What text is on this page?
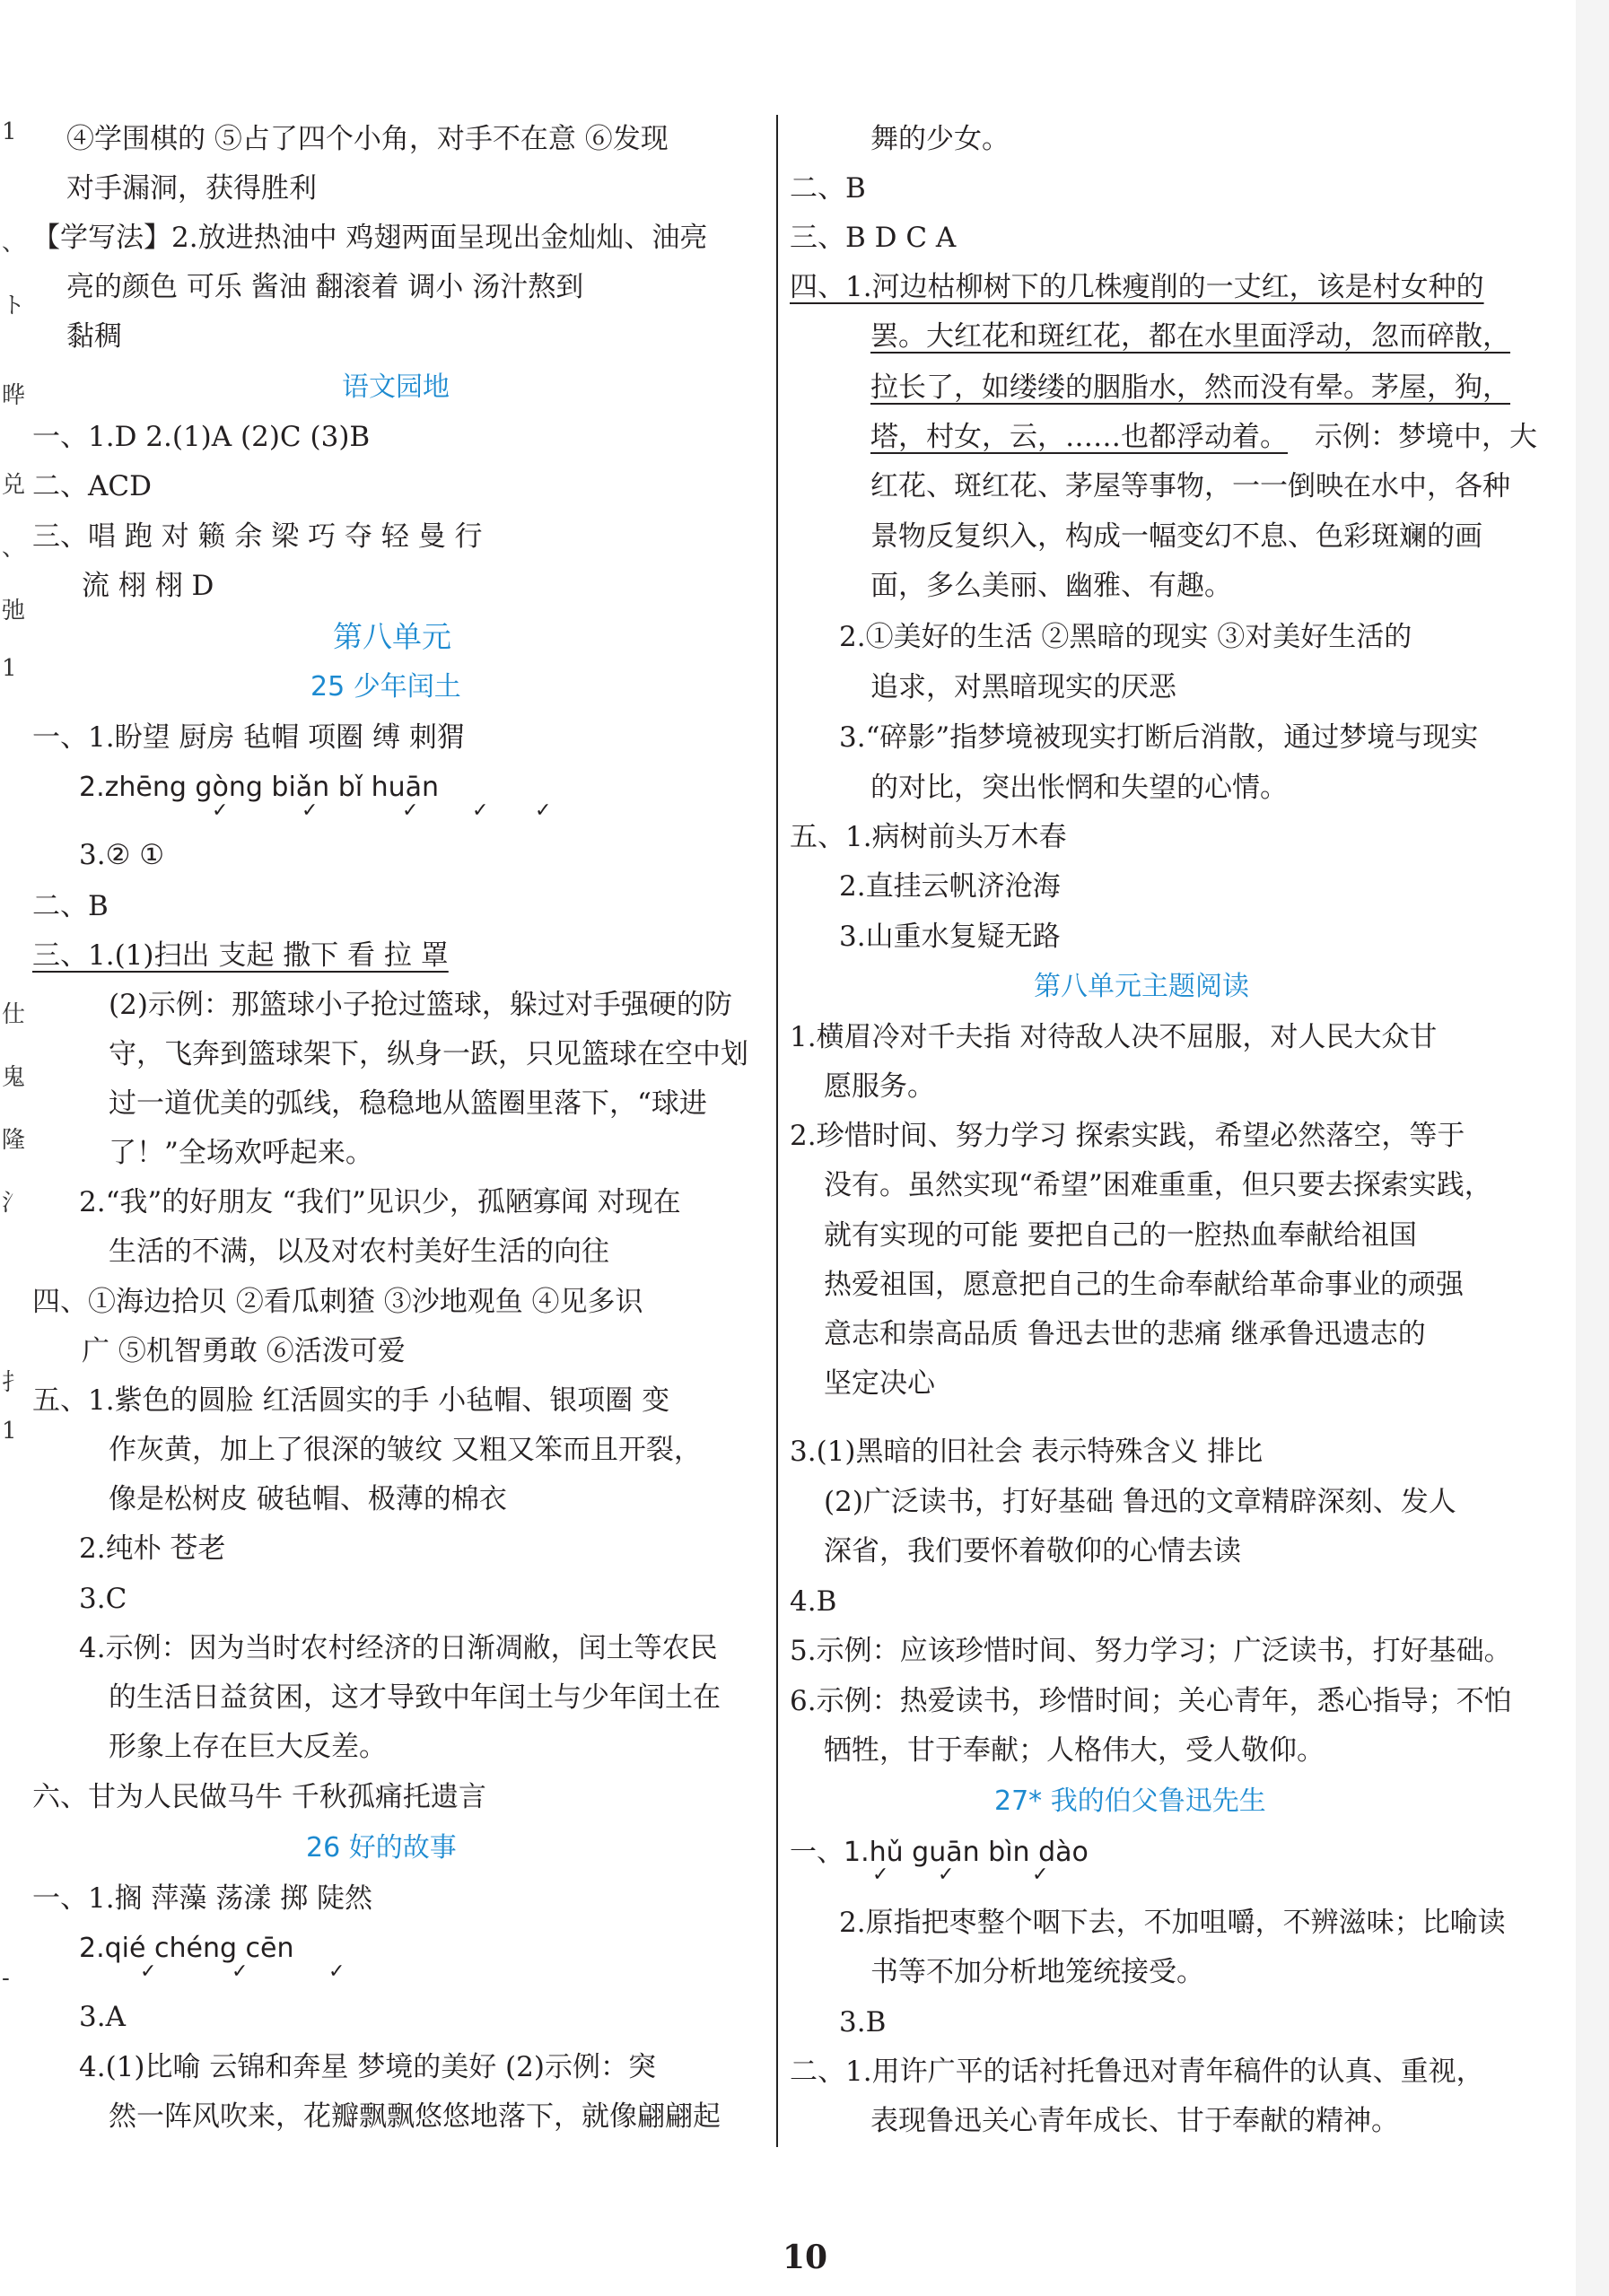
1
、
ト
晔
兑
、
弛
1
仕
鬼
隆
氵
扌
1
-
④学围棋的 ⑤占了四个小角，对手不在意 ⑥发现
对手漏洞，获得胜利
【学写法】2.放进热油中 鸡翅两面呈现出金灿灿、油亮
亮的颜色 可乐 酱油 翻滚着 调小 汤汁熬到
黏稠
语文园地
一、1.D 2.(1)A (2)C (3)B
二、ACD
三、唱 跑 对 籁 余 梁 巧 夺 轻 曼 行
流 栩 栩 D
第八单元
25 少年闰土
一、1.盼望 厨房 毡帽 项圈 缚 刺猬
2.zhēng gòng biǎn bǐ huān
✓	✓	✓	✓ ✓
3.② ①
二、B
三、1.(1)扫出 支起 撒下 看 拉 罩
(2)示例：那篮球小子抢过篮球，躲过对手强硬的防
守，飞奔到篮球架下，纵身一跃，只见篮球在空中划
过一道优美的弧线，稳稳地从篮圈里落下，“球进
了！”全场欢呼起来。
2.“我”的好朋友 “我们”见识少，孤陋寡闻 对现在
生活的不满，以及对农村美好生活的向往
四、①海边拾贝 ②看瓜刺猹 ③沙地观鱼 ④见多识
广 ⑤机智勇敢 ⑥活泼可爱
五、1.紫色的圆脸 红活圆实的手 小毡帽、银项圈 变
作灰黄，加上了很深的皱纹 又粗又笨而且开裂，
像是松树皮 破毡帽、极薄的棉衣
2.纯朴 苍老
3.C
4.示例：因为当时农村经济的日渐凋敝，闰土等农民
的生活日益贫困，这才导致中年闰土与少年闰土在
形象上存在巨大反差。
六、甘为人民做马牛 千秋孤痛托遗言
26 好的故事
一、1.搁 萍藻 荡漾 掷 陡然
2.qié chéng cēn
✓	✓	✓
3.A
4.(1)比喻 云锦和奔星 梦境的美好 (2)示例：突
然一阵风吹来，花瓣飘飘悠悠地落下，就像翩翩起
舞的少女。
二、B
三、B D C A
四、1.河边枯柳树下的几株瘦削的一丈红，该是村女种的
罢。大红花和斑红花，都在水里面浮动，忽而碎散，
拉长了，如缕缕的胭脂水，然而没有晕。茅屋，狗，
塔，村女，云，……也都浮动着。 示例：梦境中，大
红花、斑红花、茅屋等事物，一一倒映在水中，各种
景物反复织入，构成一幅变幻不息、色彩斑斓的画
面，多么美丽、幽雅、有趣。
2.①美好的生活 ②黑暗的现实 ③对美好生活的
追求，对黑暗现实的厌恶
3.“碎影”指梦境被现实打断后消散，通过梦境与现实
的对比，突出怅惘和失望的心情。
五、1.病树前头万木春
2.直挂云帆济沧海
3.山重水复疑无路
第八单元主题阅读
1.横眉冷对千夫指 对待敌人决不屈服，对人民大众甘
愿服务。
2.珍惜时间、努力学习 探索实践，希望必然落空，等于
没有。虽然实现“希望”困难重重，但只要去探索实践，
就有实现的可能 要把自己的一腔热血奉献给祖国
热爱祖国，愿意把自己的生命奉献给革命事业的顽强
意志和崇高品质 鲁迅去世的悲痛 继承鲁迅遗志的
坚定决心
3.(1)黑暗的旧社会 表示特殊含义 排比
(2)广泛读书，打好基础 鲁迅的文章精辟深刻、发人
深省，我们要怀着敬仰的心情去读
4.B
5.示例：应该珍惜时间、努力学习；广泛读书，打好基础。
6.示例：热爱读书，珍惜时间；关心青年，悉心指导；不怕
牺牲，甘于奉献；人格伟大，受人敬仰。
27* 我的伯父鲁迅先生
一、1.hǔ guān bìn dào
✓ ✓	✓
2.原指把枣整个咽下去，不加咀嚼，不辨滋味；比喻读
书等不加分析地笼统接受。
3.B
二、1.用许广平的话衬托鲁迅对青年稿件的认真、重视，
表现鲁迅关心青年成长、甘于奉献的精神。
10
